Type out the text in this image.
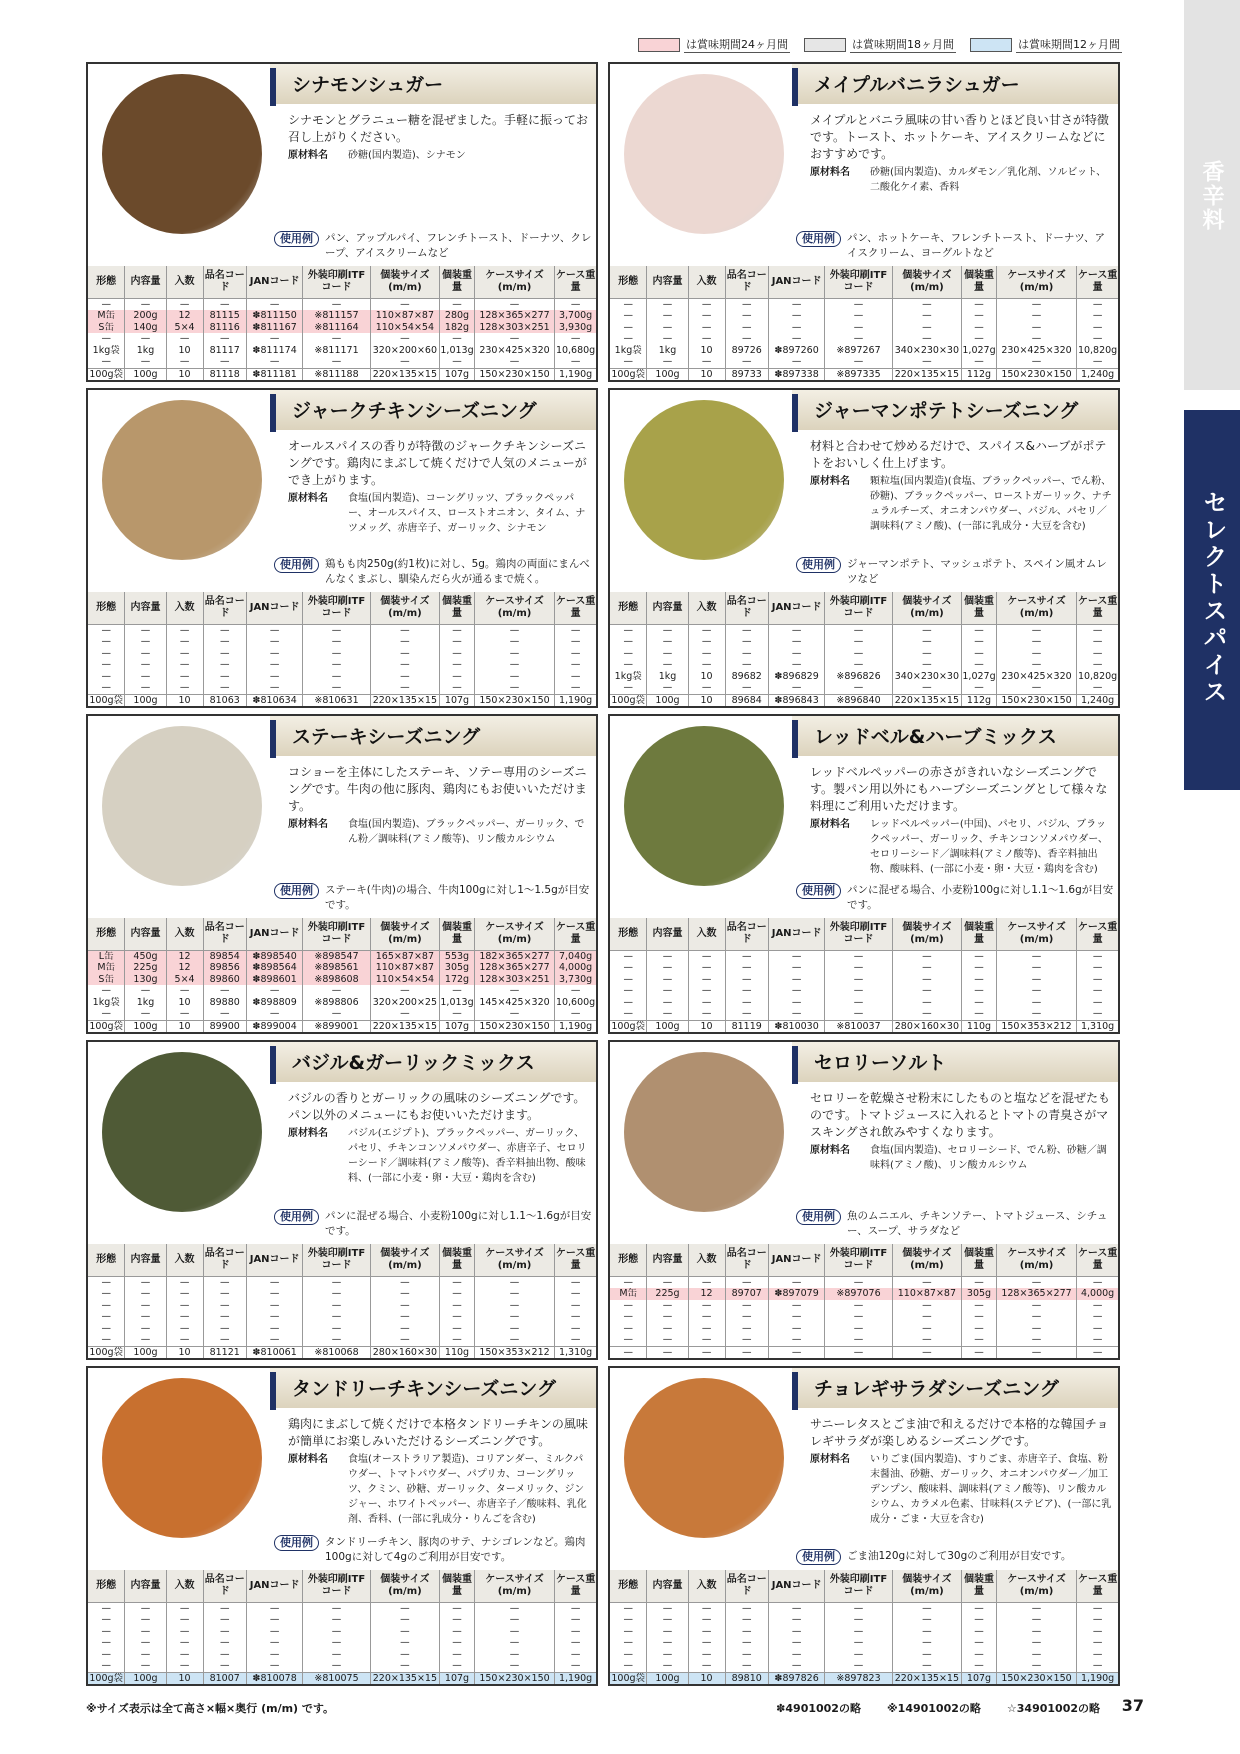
は賞味期間24ヶ月間	は賞味期間18ヶ月間	は賞味期間12ヶ月間
香辛料
セレクトスパイス
シナモンシュガー
シナモンとグラニュー糖を混ぜました。手軽に振ってお召し上がりください。
原材料名	砂糖(国内製造)、シナモン
使用例	パン、アップルパイ、フレンチトースト、ドーナツ、クレープ、アイスクリームなど
形態	内容量	入数	品名コード	JANコード	外装印刷ITFコード	個装サイズ(m/m)	個装重量	ケースサイズ(m/m)	ケース重量
—	—	—	—	—	—	—	—	—	—
M缶	200g	12	81115	✽811150	※811157	110×87×87	280g	128×365×277	3,700g
S缶	140g	5×4	81116	✽811167	※811164	110×54×54	182g	128×303×251	3,930g
—	—	—	—	—	—	—	—	—	—
1kg袋	1kg	10	81117	✽811174	※811171	320×200×60	1,013g	230×425×320	10,680g
—	—	—	—	—	—	—	—	—	—
100g袋	100g	10	81118	✽811181	※811188	220×135×15	107g	150×230×150	1,190g
メイプルバニラシュガー
メイプルとバニラ風味の甘い香りとほど良い甘さが特徴です。トースト、ホットケーキ、アイスクリームなどにおすすめです。
原材料名	砂糖(国内製造)、カルダモン／乳化剤、ソルビット、二酸化ケイ素、香料
使用例	パン、ホットケーキ、フレンチトースト、ドーナツ、アイスクリーム、ヨーグルトなど
形態	内容量	入数	品名コード	JANコード	外装印刷ITFコード	個装サイズ(m/m)	個装重量	ケースサイズ(m/m)	ケース重量
—	—	—	—	—	—	—	—	—	—
—	—	—	—	—	—	—	—	—	—
—	—	—	—	—	—	—	—	—	—
—	—	—	—	—	—	—	—	—	—
1kg袋	1kg	10	89726	✽897260	※897267	340×230×30	1,027g	230×425×320	10,820g
—	—	—	—	—	—	—	—	—	—
100g袋	100g	10	89733	✽897338	※897335	220×135×15	112g	150×230×150	1,240g
ジャークチキンシーズニング
オールスパイスの香りが特徴のジャークチキンシーズニングです。鶏肉にまぶして焼くだけで人気のメニューができ上がります。
原材料名	食塩(国内製造)、コーングリッツ、ブラックペッパー、オールスパイス、ローストオニオン、タイム、ナツメッグ、赤唐辛子、ガーリック、シナモン
使用例	鶏もも肉250g(約1枚)に対し、5g。鶏肉の両面にまんべんなくまぶし、馴染んだら火が通るまで焼く。
形態	内容量	入数	品名コード	JANコード	外装印刷ITFコード	個装サイズ(m/m)	個装重量	ケースサイズ(m/m)	ケース重量
—	—	—	—	—	—	—	—	—	—
—	—	—	—	—	—	—	—	—	—
—	—	—	—	—	—	—	—	—	—
—	—	—	—	—	—	—	—	—	—
—	—	—	—	—	—	—	—	—	—
—	—	—	—	—	—	—	—	—	—
100g袋	100g	10	81063	✽810634	※810631	220×135×15	107g	150×230×150	1,190g
ジャーマンポテトシーズニング
材料と合わせて炒めるだけで、スパイス&ハーブがポテトをおいしく仕上げます。
原材料名	顆粒塩(国内製造)(食塩、ブラックペッパー、でん粉、砂糖)、ブラックペッパー、ローストガーリック、ナチュラルチーズ、オニオンパウダー、バジル、パセリ／調味料(アミノ酸)、(一部に乳成分・大豆を含む)
使用例	ジャーマンポテト、マッシュポテト、スペイン風オムレツなど
形態	内容量	入数	品名コード	JANコード	外装印刷ITFコード	個装サイズ(m/m)	個装重量	ケースサイズ(m/m)	ケース重量
—	—	—	—	—	—	—	—	—	—
—	—	—	—	—	—	—	—	—	—
—	—	—	—	—	—	—	—	—	—
—	—	—	—	—	—	—	—	—	—
1kg袋	1kg	10	89682	✽896829	※896826	340×230×30	1,027g	230×425×320	10,820g
—	—	—	—	—	—	—	—	—	—
100g袋	100g	10	89684	✽896843	※896840	220×135×15	112g	150×230×150	1,240g
ステーキシーズニング
コショーを主体にしたステーキ、ソテー専用のシーズニングです。牛肉の他に豚肉、鶏肉にもお使いいただけます。
原材料名	食塩(国内製造)、ブラックペッパー、ガーリック、でん粉／調味料(アミノ酸等)、リン酸カルシウム
使用例	ステーキ(牛肉)の場合、牛肉100gに対し1～1.5gが目安です。
形態	内容量	入数	品名コード	JANコード	外装印刷ITFコード	個装サイズ(m/m)	個装重量	ケースサイズ(m/m)	ケース重量
L缶	450g	12	89854	✽898540	※898547	165×87×87	553g	182×365×277	7,040g
M缶	225g	12	89856	✽898564	※898561	110×87×87	305g	128×365×277	4,000g
S缶	130g	5×4	89860	✽898601	※898608	110×54×54	172g	128×303×251	3,730g
—	—	—	—	—	—	—	—	—	—
1kg袋	1kg	10	89880	✽898809	※898806	320×200×25	1,013g	145×425×320	10,600g
—	—	—	—	—	—	—	—	—	—
100g袋	100g	10	89900	✽899004	※899001	220×135×15	107g	150×230×150	1,190g
レッドベル&ハーブミックス
レッドベルペッパーの赤さがきれいなシーズニングです。製パン用以外にもハーブシーズニングとして様々な料理にご利用いただけます。
原材料名	レッドベルペッパー(中国)、パセリ、バジル、ブラックペッパー、ガーリック、チキンコンソメパウダー、セロリーシード／調味料(アミノ酸等)、香辛料抽出物、酸味料、(一部に小麦・卵・大豆・鶏肉を含む)
使用例	パンに混ぜる場合、小麦粉100gに対し1.1～1.6gが目安です。
形態	内容量	入数	品名コード	JANコード	外装印刷ITFコード	個装サイズ(m/m)	個装重量	ケースサイズ(m/m)	ケース重量
—	—	—	—	—	—	—	—	—	—
—	—	—	—	—	—	—	—	—	—
—	—	—	—	—	—	—	—	—	—
—	—	—	—	—	—	—	—	—	—
—	—	—	—	—	—	—	—	—	—
—	—	—	—	—	—	—	—	—	—
100g袋	100g	10	81119	✽810030	※810037	280×160×30	110g	150×353×212	1,310g
バジル&ガーリックミックス
バジルの香りとガーリックの風味のシーズニングです。パン以外のメニューにもお使いいただけます。
原材料名	バジル(エジプト)、ブラックペッパー、ガーリック、パセリ、チキンコンソメパウダー、赤唐辛子、セロリーシード／調味料(アミノ酸等)、香辛料抽出物、酸味料、(一部に小麦・卵・大豆・鶏肉を含む)
使用例	パンに混ぜる場合、小麦粉100gに対し1.1～1.6gが目安です。
形態	内容量	入数	品名コード	JANコード	外装印刷ITFコード	個装サイズ(m/m)	個装重量	ケースサイズ(m/m)	ケース重量
—	—	—	—	—	—	—	—	—	—
—	—	—	—	—	—	—	—	—	—
—	—	—	—	—	—	—	—	—	—
—	—	—	—	—	—	—	—	—	—
—	—	—	—	—	—	—	—	—	—
—	—	—	—	—	—	—	—	—	—
100g袋	100g	10	81121	✽810061	※810068	280×160×30	110g	150×353×212	1,310g
セロリーソルト
セロリーを乾燥させ粉末にしたものと塩などを混ぜたものです。トマトジュースに入れるとトマトの青臭さがマスキングされ飲みやすくなります。
原材料名	食塩(国内製造)、セロリーシード、でん粉、砂糖／調味料(アミノ酸)、リン酸カルシウム
使用例	魚のムニエル、チキンソテー、トマトジュース、シチュー、スープ、サラダなど
形態	内容量	入数	品名コード	JANコード	外装印刷ITFコード	個装サイズ(m/m)	個装重量	ケースサイズ(m/m)	ケース重量
—	—	—	—	—	—	—	—	—	—
M缶	225g	12	89707	✽897079	※897076	110×87×87	305g	128×365×277	4,000g
—	—	—	—	—	—	—	—	—	—
—	—	—	—	—	—	—	—	—	—
—	—	—	—	—	—	—	—	—	—
—	—	—	—	—	—	—	—	—	—
—	—	—	—	—	—	—	—	—	—
タンドリーチキンシーズニング
鶏肉にまぶして焼くだけで本格タンドリーチキンの風味が簡単にお楽しみいただけるシーズニングです。
原材料名	食塩(オーストラリア製造)、コリアンダー、ミルクパウダー、トマトパウダー、パプリカ、コーングリッツ、クミン、砂糖、ガーリック、ターメリック、ジンジャー、ホワイトペッパー、赤唐辛子／酸味料、乳化剤、香料、(一部に乳成分・りんごを含む)
使用例	タンドリーチキン、豚肉のサテ、ナシゴレンなど。鶏肉100gに対して4gのご利用が目安です。
形態	内容量	入数	品名コード	JANコード	外装印刷ITFコード	個装サイズ(m/m)	個装重量	ケースサイズ(m/m)	ケース重量
—	—	—	—	—	—	—	—	—	—
—	—	—	—	—	—	—	—	—	—
—	—	—	—	—	—	—	—	—	—
—	—	—	—	—	—	—	—	—	—
—	—	—	—	—	—	—	—	—	—
—	—	—	—	—	—	—	—	—	—
100g袋	100g	10	81007	✽810078	※810075	220×135×15	107g	150×230×150	1,190g
チョレギサラダシーズニング
サニーレタスとごま油で和えるだけで本格的な韓国チョレギサラダが楽しめるシーズニングです。
原材料名	いりごま(国内製造)、すりごま、赤唐辛子、食塩、粉末醤油、砂糖、ガーリック、オニオンパウダー／加工デンプン、酸味料、調味料(アミノ酸等)、リン酸カルシウム、カラメル色素、甘味料(ステビア)、(一部に乳成分・ごま・大豆を含む)
使用例	ごま油120gに対して30gのご利用が目安です。
形態	内容量	入数	品名コード	JANコード	外装印刷ITFコード	個装サイズ(m/m)	個装重量	ケースサイズ(m/m)	ケース重量
—	—	—	—	—	—	—	—	—	—
—	—	—	—	—	—	—	—	—	—
—	—	—	—	—	—	—	—	—	—
—	—	—	—	—	—	—	—	—	—
—	—	—	—	—	—	—	—	—	—
—	—	—	—	—	—	—	—	—	—
100g袋	100g	10	89810	✽897826	※897823	220×135×15	107g	150×230×150	1,190g
※サイズ表示は全て高さ×幅×奥行 (m/m) です。	✽4901002の略 ※14901002の略 ☆34901002の略 37
